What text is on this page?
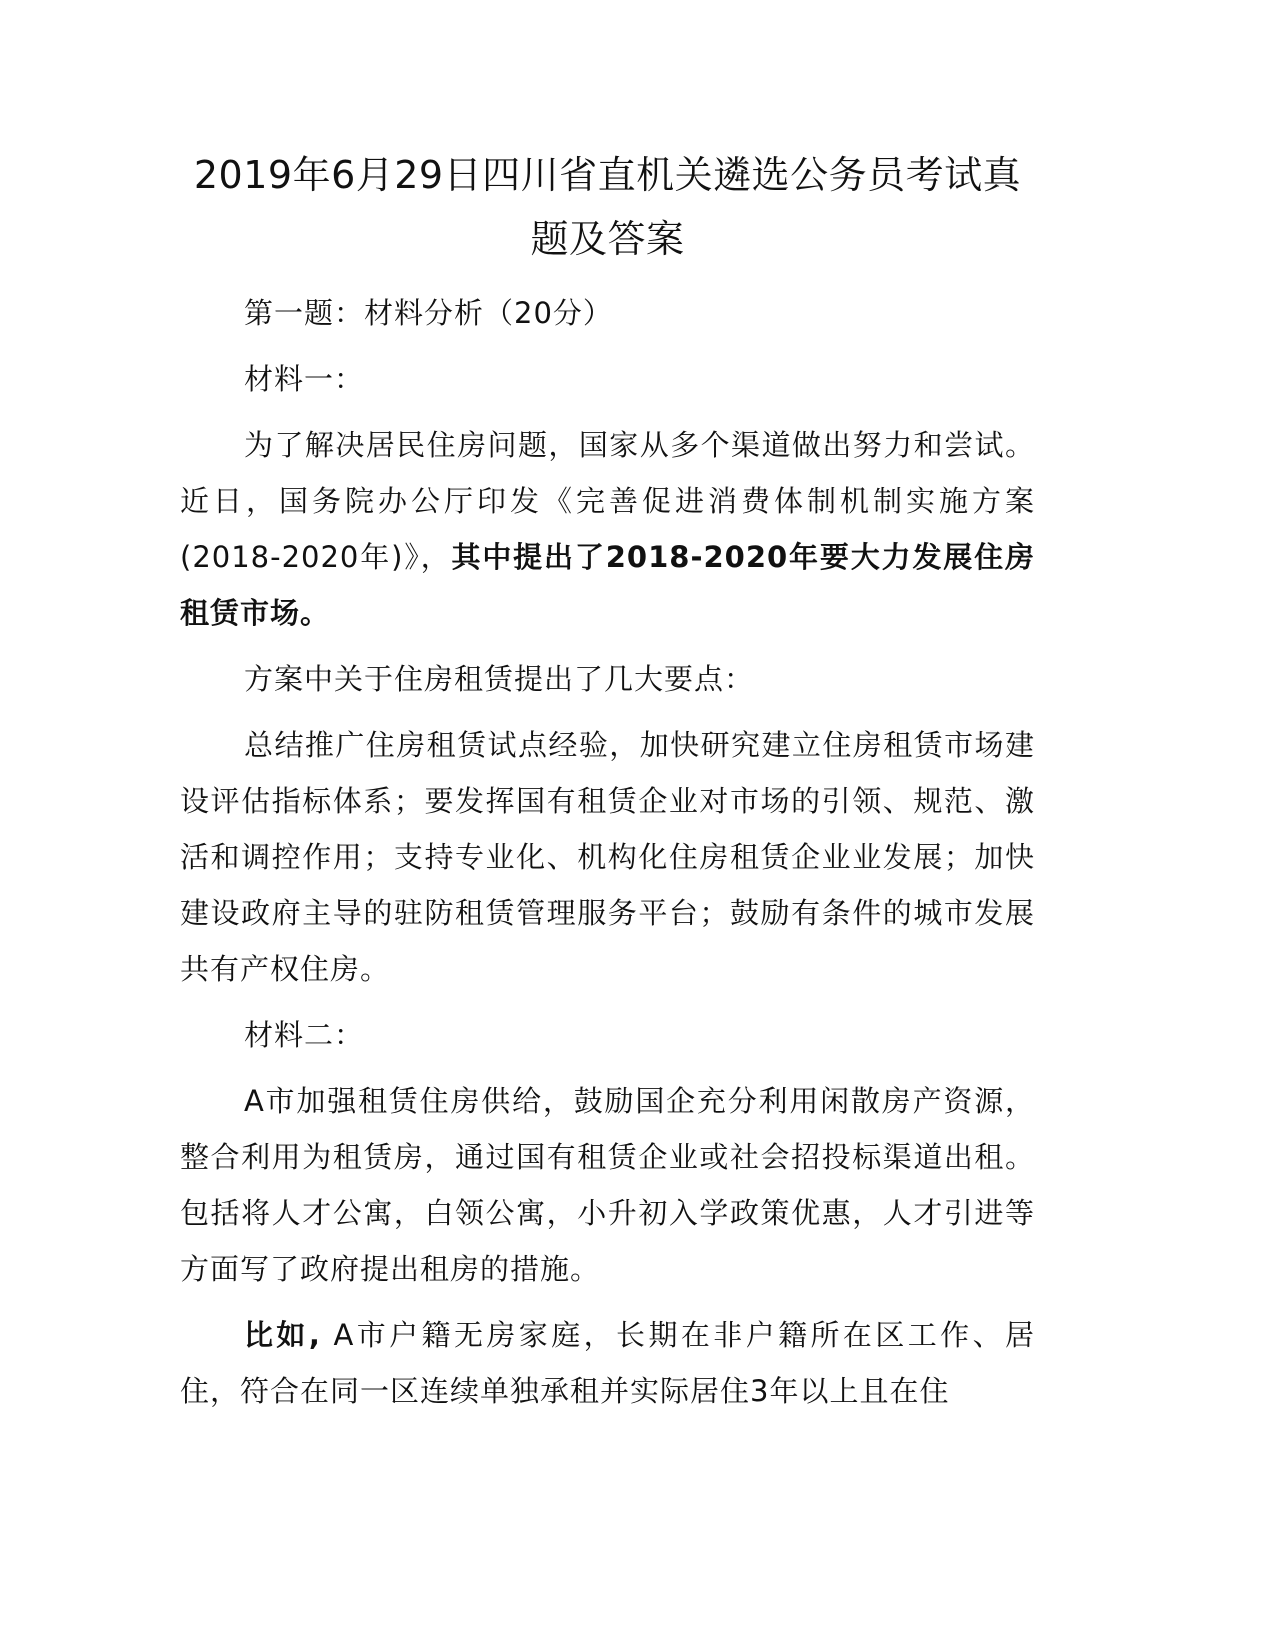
2019年6月29日四川省直机关遴选公务员考试真题及答案

第一题：材料分析（20分）

材料一：

为了解决居民住房问题，国家从多个渠道做出努力和尝试。近日，国务院办公厅印发《完善促进消费体制机制实施方案(2018-2020年)》，其中提出了2018-2020年要大力发展住房租赁市场。

方案中关于住房租赁提出了几大要点：

总结推广住房租赁试点经验，加快研究建立住房租赁市场建设评估指标体系；要发挥国有租赁企业对市场的引领、规范、激活和调控作用；支持专业化、机构化住房租赁企业业发展；加快建设政府主导的驻防租赁管理服务平台；鼓励有条件的城市发展共有产权住房。

材料二：

A市加强租赁住房供给，鼓励国企充分利用闲散房产资源，整合利用为租赁房，通过国有租赁企业或社会招投标渠道出租。包括将人才公寓，白领公寓，小升初入学政策优惠，人才引进等方面写了政府提出租房的措施。

比如, A市户籍无房家庭，长期在非户籍所在区工作、居住，符合在同一区连续单独承租并实际居住3年以上且在住
